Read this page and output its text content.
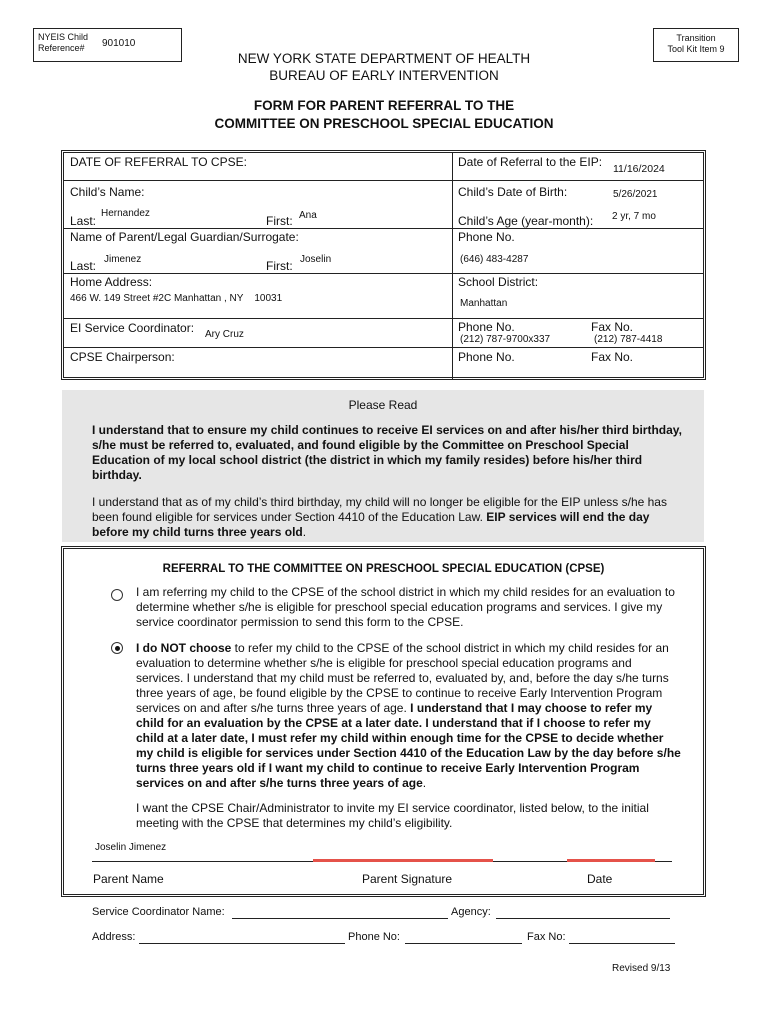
NYEIS Child
Reference#	901010	Transition
Tool Kit Item 9
NEW YORK STATE DEPARTMENT OF HEALTH
BUREAU OF EARLY INTERVENTION
FORM FOR PARENT REFERRAL TO THE
COMMITTEE ON PRESCHOOL SPECIAL EDUCATION
DATE OF REFERRAL TO CPSE:	Date of Referral to the EIP: 11/16/2024
Child’s Name:
Last:
Hernandez
First: Ana
Child’s Date of Birth:	5/26/2021
Child’s Age (year-month): 2 yr, 7 mo
Name of Parent/Legal Guardian/Surrogate:
Last: Jimenez	First: Joselin
Phone No.
(646) 483-4287
Home Address:
466 W. 149 Street #2C Manhattan , NY    10031
School District:
Manhattan
EI Service Coordinator: Ary Cruz
Phone No.
(212) 787-9700x337
Fax No.
(212) 787-4418
CPSE Chairperson:	Phone No.	Fax No.
Please Read
I understand that to ensure my child continues to receive EI services on and after his/her third birthday, s/he must be referred to, evaluated, and found eligible by the Committee on Preschool Special Education of my local school district (the district in which my family resides) before his/her third birthday.
I understand that as of my child’s third birthday, my child will no longer be eligible for the EIP unless s/he has been found eligible for services under Section 4410 of the Education Law. EIP services will end the day before my child turns three years old.
REFERRAL TO THE COMMITTEE ON PRESCHOOL SPECIAL EDUCATION (CPSE)
I am referring my child to the CPSE of the school district in which my child resides for an evaluation to determine whether s/he is eligible for preschool special education programs and services. I give my service coordinator permission to send this form to the CPSE.
I do NOT choose to refer my child to the CPSE of the school district in which my child resides for an evaluation to determine whether s/he is eligible for preschool special education programs and services. I understand that my child must be referred to, evaluated by, and, before the day s/he turns three years of age, be found eligible by the CPSE to continue to receive Early Intervention Program services on and after s/he turns three years of age. I understand that I may choose to refer my child for an evaluation by the CPSE at a later date. I understand that if I choose to refer my child at a later date, I must refer my child within enough time for the CPSE to decide whether my child is eligible for services under Section 4410 of the Education Law by the day before s/he turns three years old if I want my child to continue to receive Early Intervention Program services on and after s/he turns three years of age.
I want the CPSE Chair/Administrator to invite my EI service coordinator, listed below, to the initial meeting with the CPSE that determines my child’s eligibility.
Joselin Jimenez
Parent Name	Parent Signature	Date
Service Coordinator Name:	Agency:
Address:	Phone No:	Fax No:
Revised 9/13
